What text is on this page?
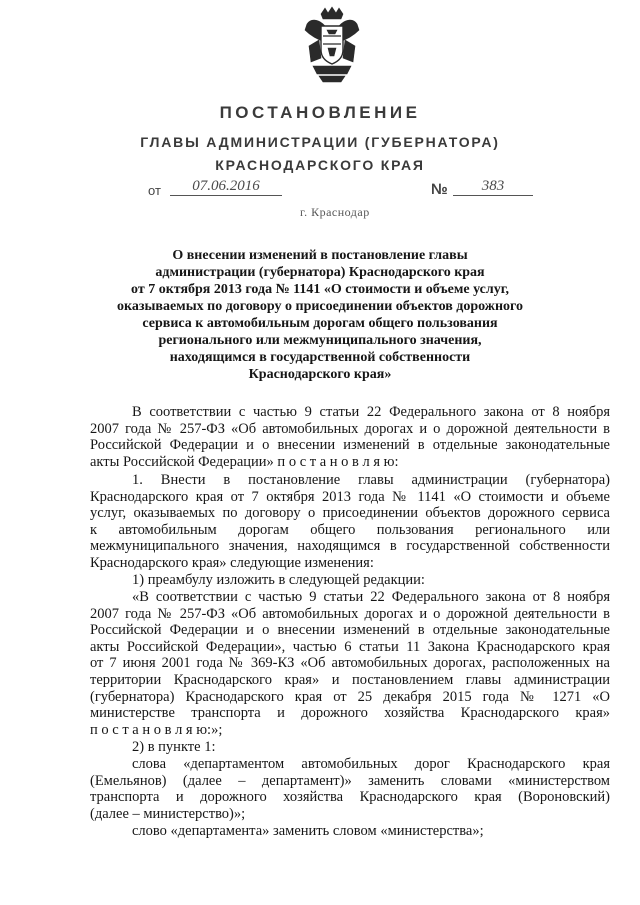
ПОСТАНОВЛЕНИЕ
ГЛАВЫ АДМИНИСТРАЦИИ (ГУБЕРНАТОРА)
КРАСНОДАРСКОГО КРАЯ
от	07.06.2016	№	383
г. Краснодар
О внесении изменений в постановление главы
администрации (губернатора) Краснодарского края
от 7 октября 2013 года № 1141 «О стоимости и объеме услуг,
оказываемых по договору о присоединении объектов дорожного
сервиса к автомобильным дорогам общего пользования
регионального или межмуниципального значения,
находящимся в государственной собственности
Краснодарского края»
В соответствии с частью 9 статьи 22 Федерального закона от 8 ноября
2007 года № 257-ФЗ «Об автомобильных дорогах и о дорожной деятельности в
Российской Федерации и о внесении изменений в отдельные законодательные
акты Российской Федерации» п о с т а н о в л я ю:
1. Внести в постановление главы администрации (губернатора)
Краснодарского края от 7 октября 2013 года № 1141 «О стоимости и объеме
услуг, оказываемых по договору о присоединении объектов дорожного сервиса
к автомобильным дорогам общего пользования регионального или
межмуниципального значения, находящимся в государственной собственности
Краснодарского края» следующие изменения:
1) преамбулу изложить в следующей редакции:
«В соответствии с частью 9 статьи 22 Федерального закона от 8 ноября
2007 года № 257-ФЗ «Об автомобильных дорогах и о дорожной деятельности в
Российской Федерации и о внесении изменений в отдельные законодательные
акты Российской Федерации», частью 6 статьи 11 Закона Краснодарского края
от 7 июня 2001 года № 369-КЗ «Об автомобильных дорогах, расположенных на
территории Краснодарского края» и постановлением главы администрации
(губернатора) Краснодарского края от 25 декабря 2015 года № 1271 «О
министерстве транспорта и дорожного хозяйства Краснодарского края»
п о с т а н о в л я ю:»;
2) в пункте 1:
слова «департаментом автомобильных дорог Краснодарского края
(Емельянов) (далее – департамент)» заменить словами «министерством
транспорта и дорожного хозяйства Краснодарского края (Вороновский)
(далее – министерство)»;
слово «департамента» заменить словом «министерства»;
